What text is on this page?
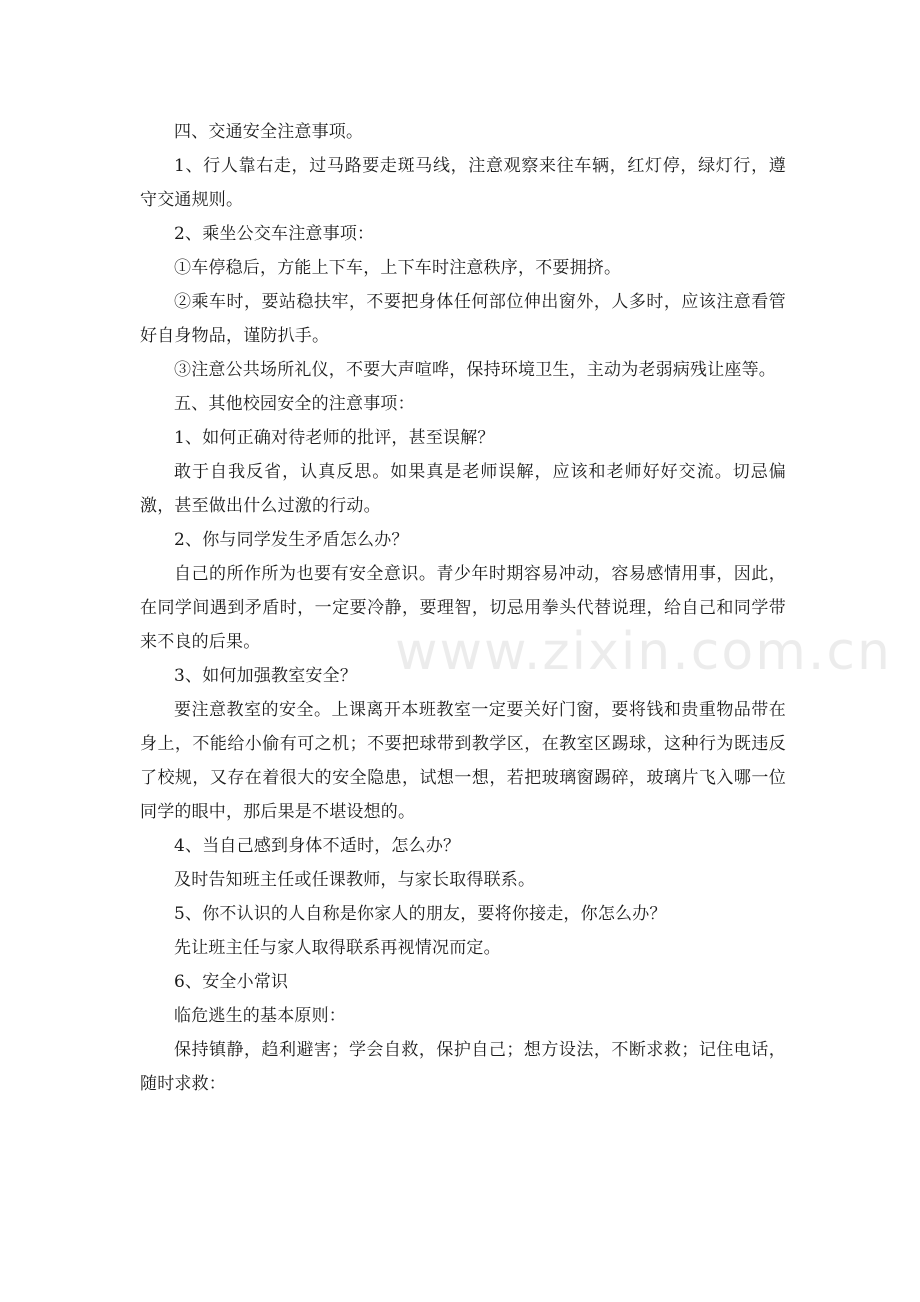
四、交通安全注意事项。

1、行人靠右走，过马路要走斑马线，注意观察来往车辆，红灯停，绿灯行，遵守交通规则。

2、乘坐公交车注意事项：

①车停稳后，方能上下车，上下车时注意秩序，不要拥挤。

②乘车时，要站稳扶牢，不要把身体任何部位伸出窗外，人多时，应该注意看管好自身物品，谨防扒手。

③注意公共场所礼仪，不要大声喧哗，保持环境卫生，主动为老弱病残让座等。

五、其他校园安全的注意事项：

1、如何正确对待老师的批评，甚至误解？

敢于自我反省，认真反思。如果真是老师误解，应该和老师好好交流。切忌偏激，甚至做出什么过激的行动。

2、你与同学发生矛盾怎么办？

自己的所作所为也要有安全意识。青少年时期容易冲动，容易感情用事，因此，在同学间遇到矛盾时，一定要冷静，要理智，切忌用拳头代替说理，给自己和同学带来不良的后果。

3、如何加强教室安全？

要注意教室的安全。上课离开本班教室一定要关好门窗，要将钱和贵重物品带在身上，不能给小偷有可之机；不要把球带到教学区，在教室区踢球，这种行为既违反了校规，又存在着很大的安全隐患，试想一想，若把玻璃窗踢碎，玻璃片飞入哪一位同学的眼中，那后果是不堪设想的。

4、当自己感到身体不适时，怎么办？

及时告知班主任或任课教师，与家长取得联系。

5、你不认识的人自称是你家人的朋友，要将你接走，你怎么办？

先让班主任与家人取得联系再视情况而定。

6、安全小常识

临危逃生的基本原则：

保持镇静，趋利避害；学会自救，保护自己；想方设法，不断求救；记住电话，随时求救：

www.zixin.com.cn
